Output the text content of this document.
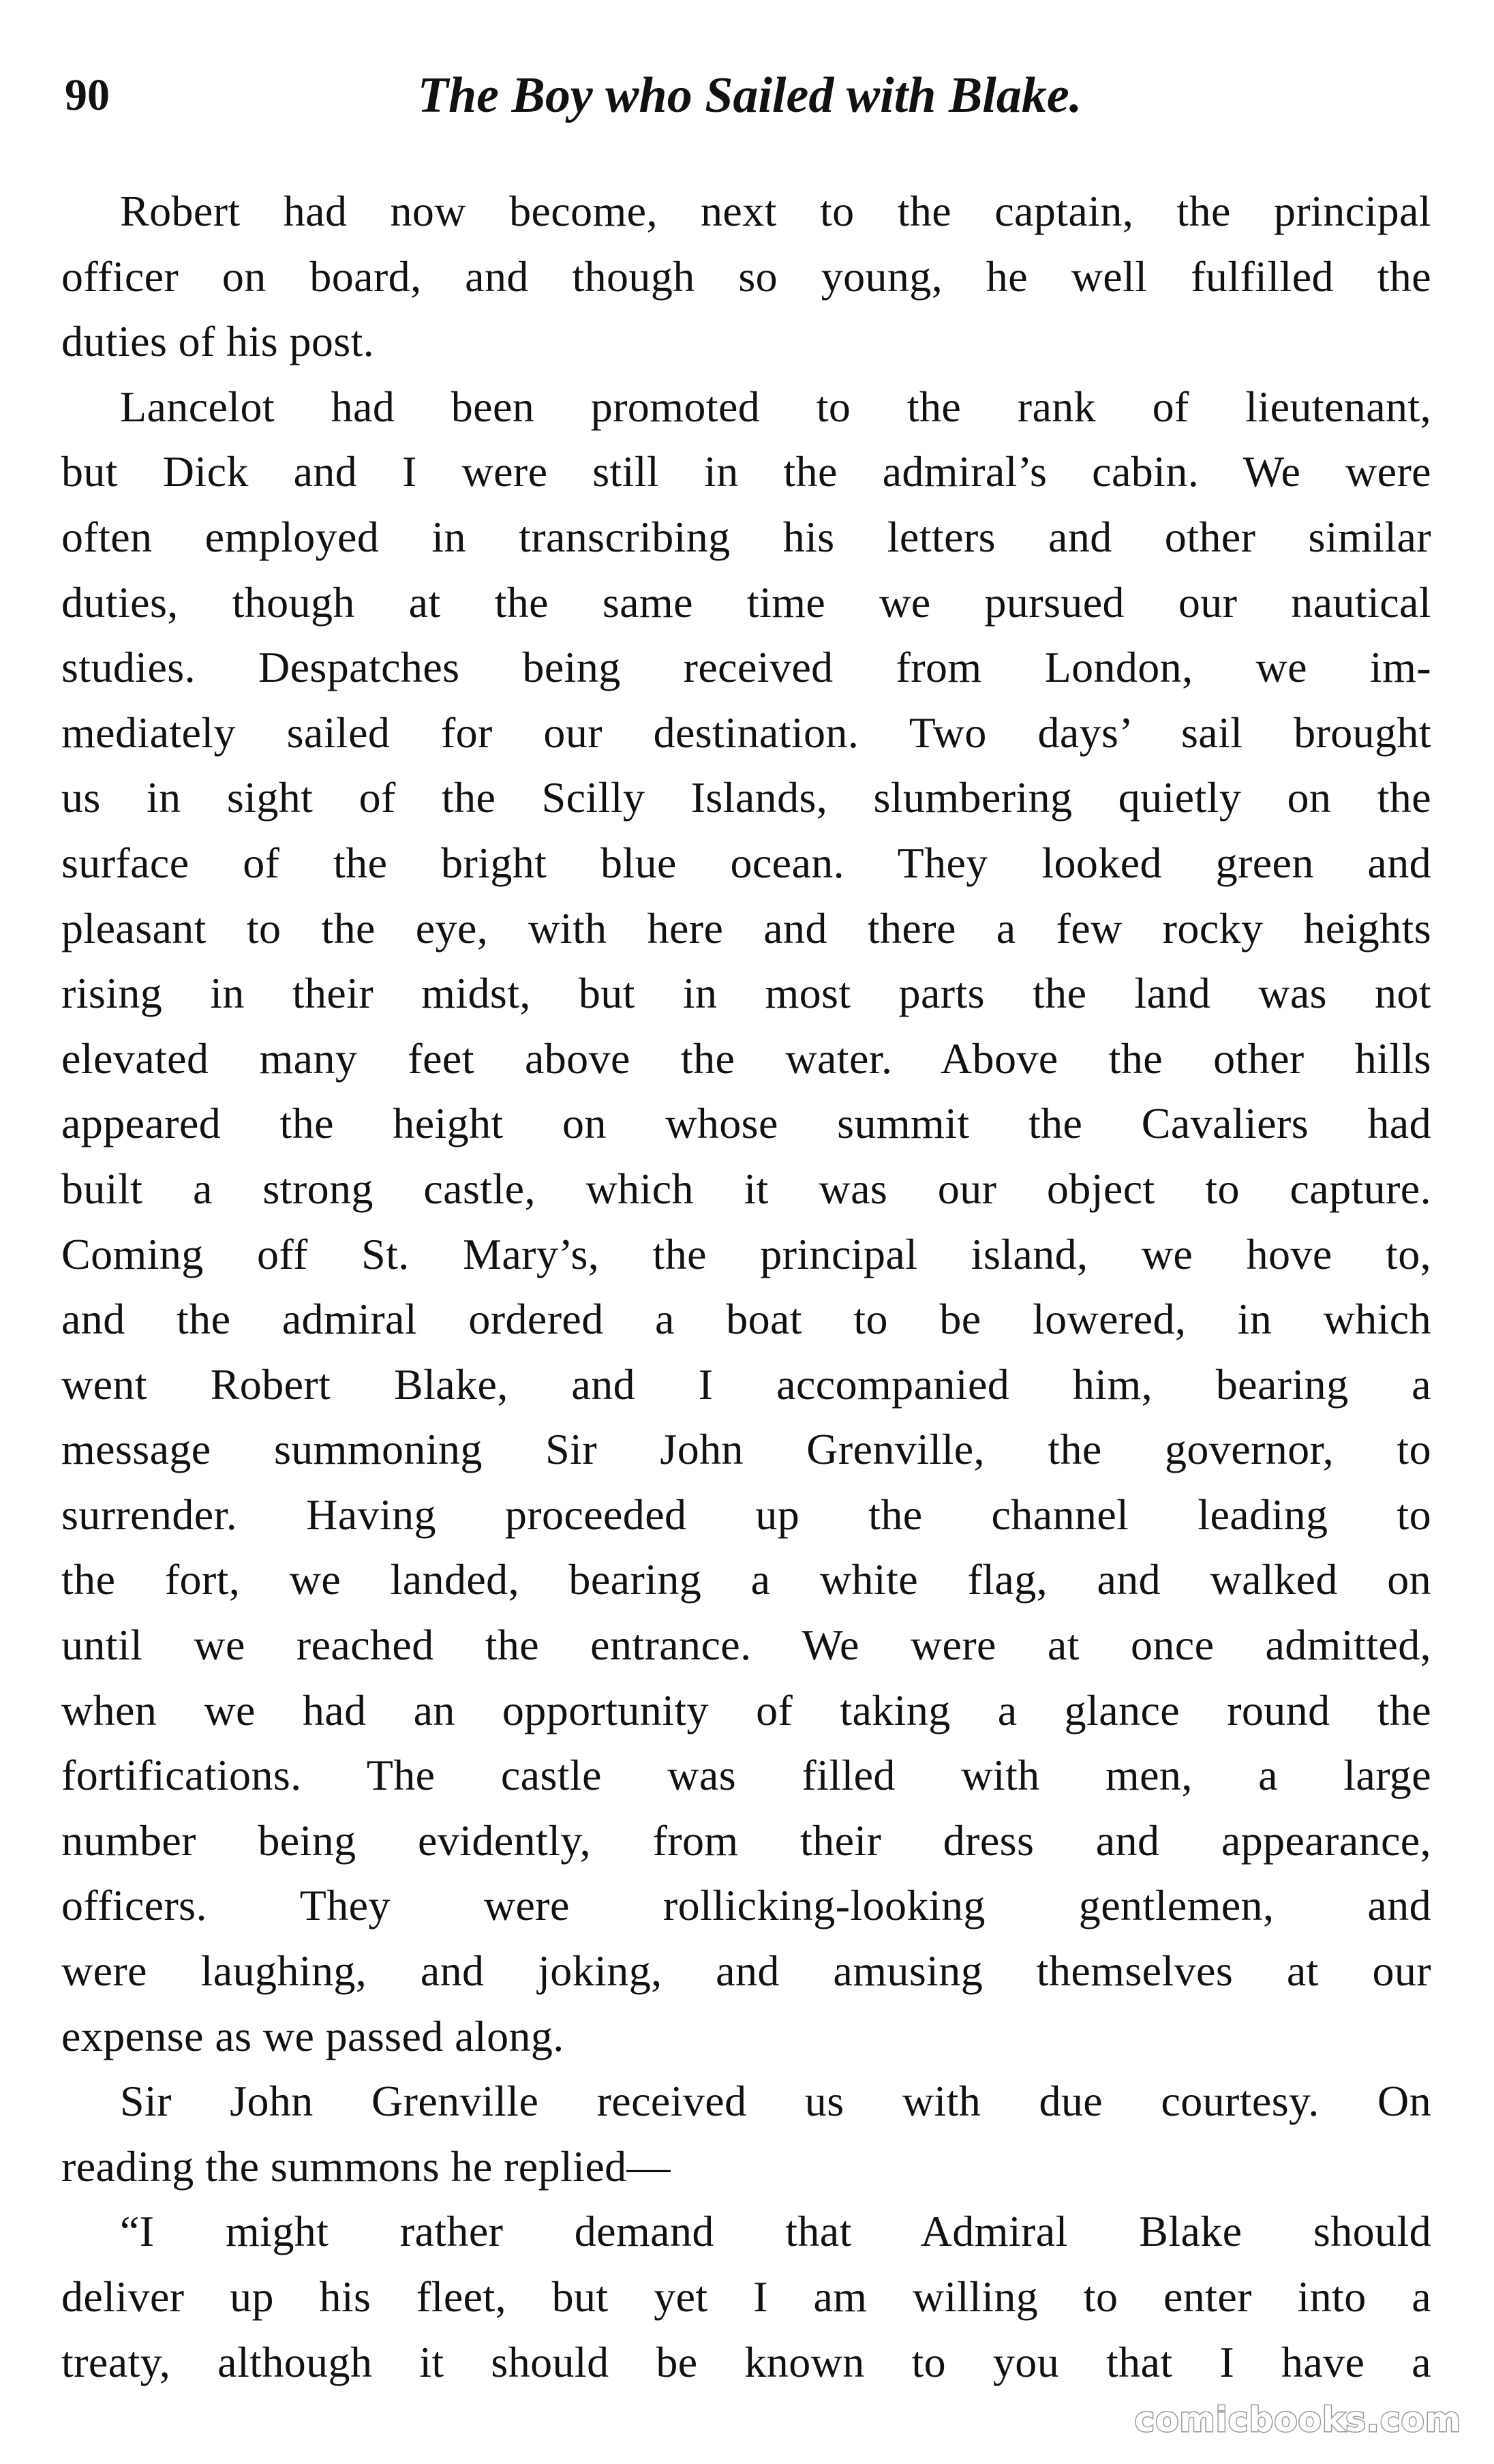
90	The Boy who Sailed with Blake.
Robert had now become, next to the captain, the principal
officer on board, and though so young, he well fulfilled the
duties of his post.
Lancelot had been promoted to the rank of lieutenant,
but Dick and I were still in the admiral’s cabin. We were
often employed in transcribing his letters and other similar
duties, though at the same time we pursued our nautical
studies. Despatches being received from London, we im-
mediately sailed for our destination. Two days’ sail brought
us in sight of the Scilly Islands, slumbering quietly on the
surface of the bright blue ocean. They looked green and
pleasant to the eye, with here and there a few rocky heights
rising in their midst, but in most parts the land was not
elevated many feet above the water. Above the other hills
appeared the height on whose summit the Cavaliers had
built a strong castle, which it was our object to capture.
Coming off St. Mary’s, the principal island, we hove to,
and the admiral ordered a boat to be lowered, in which
went Robert Blake, and I accompanied him, bearing a
message summoning Sir John Grenville, the governor, to
surrender. Having proceeded up the channel leading to
the fort, we landed, bearing a white flag, and walked on
until we reached the entrance. We were at once admitted,
when we had an opportunity of taking a glance round the
fortifications. The castle was filled with men, a large
number being evidently, from their dress and appearance,
officers. They were rollicking-looking gentlemen, and
were laughing, and joking, and amusing themselves at our
expense as we passed along.
Sir John Grenville received us with due courtesy. On
reading the summons he replied—
“I might rather demand that Admiral Blake should
deliver up his fleet, but yet I am willing to enter into a
treaty, although it should be known to you that I have a
comicbooks.com
